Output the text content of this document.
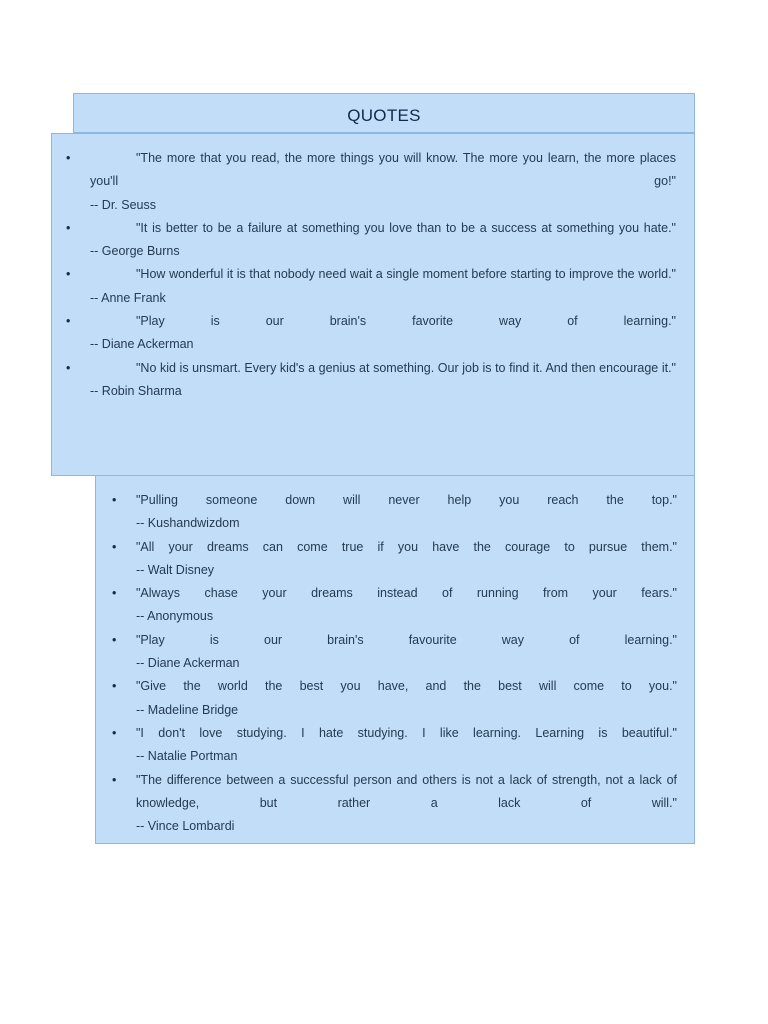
QUOTES
•	"The more that you read, the more things you will know. The more you learn, the more places you'll go!"
-- Dr. Seuss
•	"It is better to be a failure at something you love than to be a success at something you hate."
-- George Burns
•	"How wonderful it is that nobody need wait a single moment before starting to improve the world."
-- Anne Frank
•	"Play is our brain's favorite way of learning."
-- Diane Ackerman
•	"No kid is unsmart. Every kid's a genius at something. Our job is to find it. And then encourage it."
-- Robin Sharma
• "Pulling someone down will never help you reach the top."
-- Kushandwizdom
• "All your dreams can come true if you have the courage to pursue them."
-- Walt Disney
• "Always chase your dreams instead of running from your fears."
-- Anonymous
• "Play is our brain's favourite way of learning."
-- Diane Ackerman
• "Give the world the best you have, and the best will come to you."
-- Madeline Bridge
• "I don't love studying. I hate studying. I like learning. Learning is beautiful."
-- Natalie Portman
• "The difference between a successful person and others is not a lack of strength, not a lack of knowledge, but rather a lack of will."
-- Vince Lombardi
